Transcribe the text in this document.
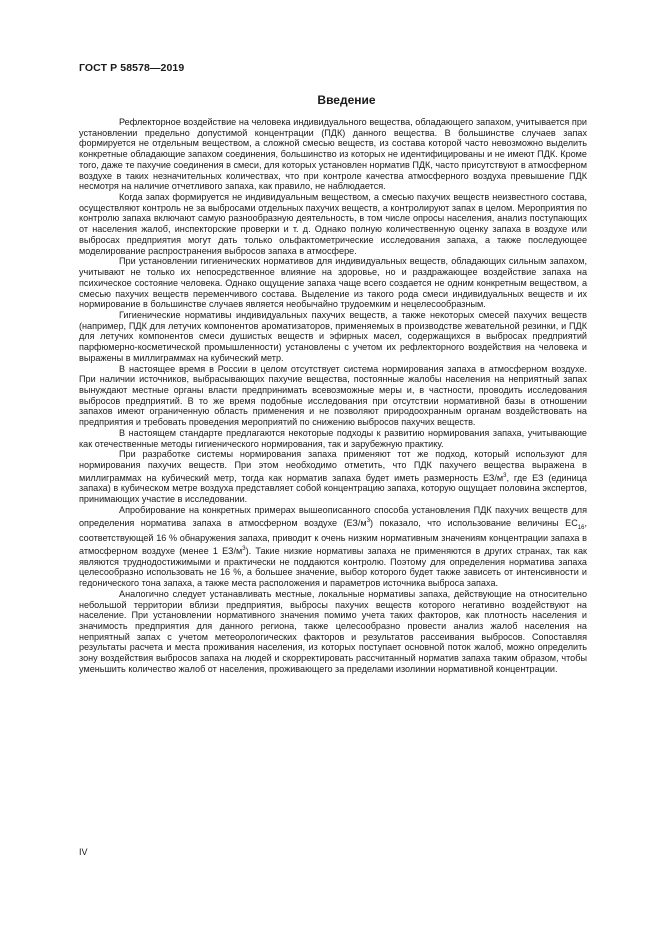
ГОСТ Р 58578—2019
Введение

Рефлекторное воздействие на человека индивидуального вещества, обладающего запахом, учитывается при установлении предельно допустимой концентрации (ПДК) данного вещества. В большинстве случаев запах формируется не отдельным веществом, а сложной смесью веществ, из состава которой часто невозможно выделить конкретные обладающие запахом соединения, большинство из которых не идентифицированы и не имеют ПДК. Кроме того, даже те пахучие соединения в смеси, для которых установлен норматив ПДК, часто присутствуют в атмосферном воздухе в таких незначительных количествах, что при контроле качества атмосферного воздуха превышение ПДК несмотря на наличие отчетливого запаха, как правило, не наблюдается.

Когда запах формируется не индивидуальным веществом, а смесью пахучих веществ неизвестного состава, осуществляют контроль не за выбросами отдельных пахучих веществ, а контролируют запах в целом. Мероприятия по контролю запаха включают самую разнообразную деятельность, в том числе опросы населения, анализ поступающих от населения жалоб, инспекторские проверки и т. д. Однако полную количественную оценку запаха в воздухе или выбросах предприятия могут дать только ольфактометрические исследования запаха, а также последующее моделирование распространения выбросов запаха в атмосфере.

При установлении гигиенических нормативов для индивидуальных веществ, обладающих сильным запахом, учитывают не только их непосредственное влияние на здоровье, но и раздражающее воздействие запаха на психическое состояние человека. Однако ощущение запаха чаще всего создается не одним конкретным веществом, а смесью пахучих веществ переменчивого состава. Выделение из такого рода смеси индивидуальных веществ и их нормирование в большинстве случаев является необычайно трудоемким и нецелесообразным.

Гигиенические нормативы индивидуальных пахучих веществ, а также некоторых смесей пахучих веществ (например, ПДК для летучих компонентов ароматизаторов, применяемых в производстве жевательной резинки, и ПДК для летучих компонентов смеси душистых веществ и эфирных масел, содержащихся в выбросах предприятий парфюмерно-косметической промышленности) установлены с учетом их рефлекторного воздействия на человека и выражены в миллиграммах на кубический метр.

В настоящее время в России в целом отсутствует система нормирования запаха в атмосферном воздухе. При наличии источников, выбрасывающих пахучие вещества, постоянные жалобы населения на неприятный запах вынуждают местные органы власти предпринимать всевозможные меры и, в частности, проводить исследования выбросов предприятий. В то же время подобные исследования при отсутствии нормативной базы в отношении запахов имеют ограниченную область применения и не позволяют природоохранным органам воздействовать на предприятия и требовать проведения мероприятий по снижению выбросов пахучих веществ.

В настоящем стандарте предлагаются некоторые подходы к развитию нормирования запаха, учитывающие как отечественные методы гигиенического нормирования, так и зарубежную практику.

При разработке системы нормирования запаха применяют тот же подход, который используют для нормирования пахучих веществ. При этом необходимо отметить, что ПДК пахучего вещества выражена в миллиграммах на кубический метр, тогда как норматив запаха будет иметь размерность $ЕЗ/м^3$, где ЕЗ (единица запаха) в кубическом метре воздуха представляет собой концентрацию запаха, которую ощущает половина экспертов, принимающих участие в исследовании.

Апробирование на конкретных примерах вышеописанного способа установления ПДК пахучих веществ для определения норматива запаха в атмосферном воздухе $(ЕЗ/м^3)$ показало, что использование величины $ЕС_{16}$, соответствующей 16 % обнаружения запаха, приводит к очень низким нормативным значениям концентрации запаха в атмосферном воздухе (менее 1 $ЕЗ/м^3$). Такие низкие нормативы запаха не применяются в других странах, так как являются труднодостижимыми и практически не поддаются контролю. Поэтому для определения норматива запаха целесообразно использовать не 16 %, а большее значение, выбор которого будет также зависеть от интенсивности и гедонического тона запаха, а также места расположения и параметров источника выброса запаха.

Аналогично следует устанавливать местные, локальные нормативы запаха, действующие на относительно небольшой территории вблизи предприятия, выбросы пахучих веществ которого негативно воздействуют на население. При установлении нормативного значения помимо учета таких факторов, как плотность населения и значимость предприятия для данного региона, также целесообразно провести анализ жалоб населения на неприятный запах с учетом метеорологических факторов и результатов рассеивания выбросов. Сопоставляя результаты расчета и места проживания населения, из которых поступает основной поток жалоб, можно определить зону воздействия выбросов запаха на людей и скорректировать рассчитанный норматив запаха таким образом, чтобы уменьшить количество жалоб от населения, проживающего за пределами изолинии нормативной концентрации.

IV
